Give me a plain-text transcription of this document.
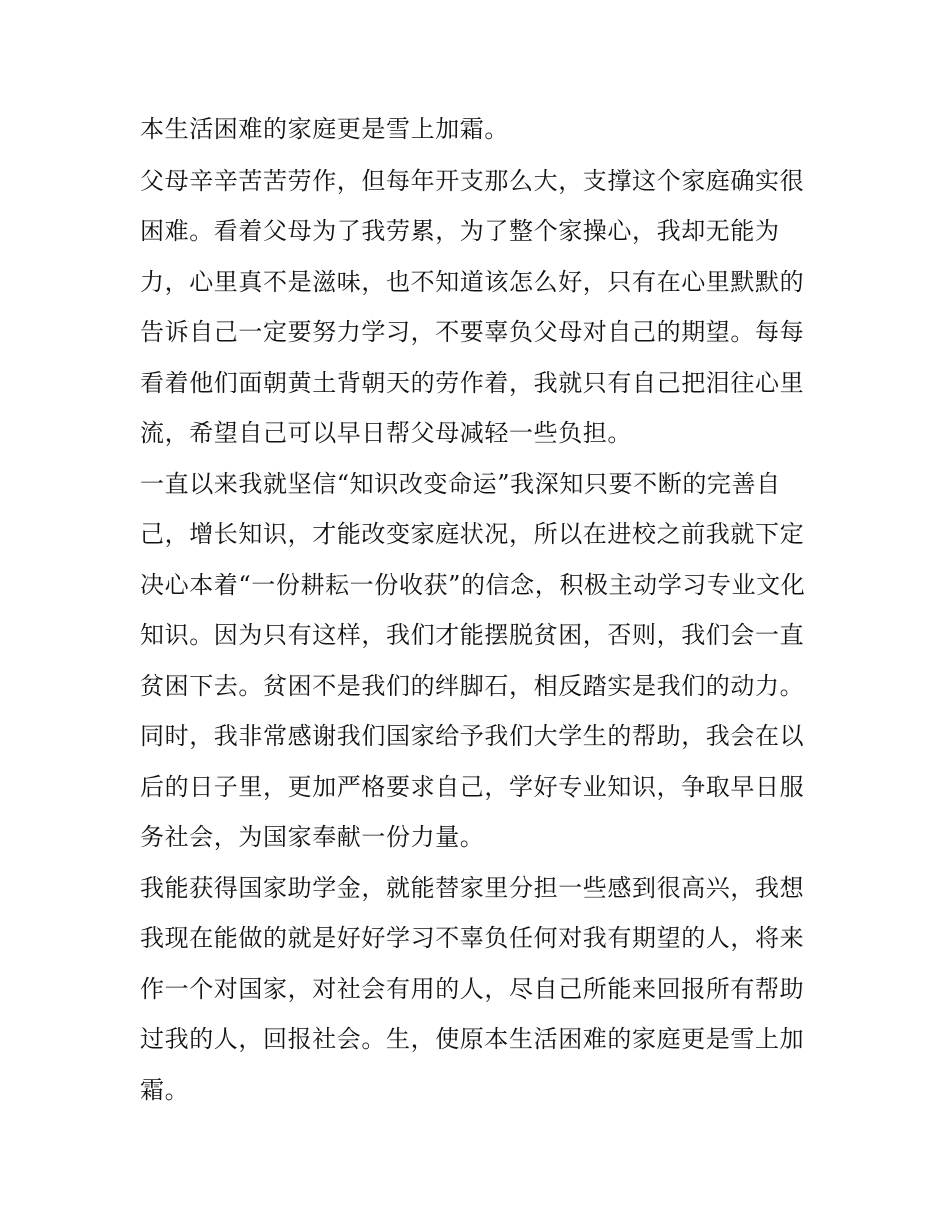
本生活困难的家庭更是雪上加霜。
父母辛辛苦苦劳作，但每年开支那么大，支撑这个家庭确实很
困难。看着父母为了我劳累，为了整个家操心，我却无能为
力，心里真不是滋味，也不知道该怎么好，只有在心里默默的
告诉自己一定要努力学习，不要辜负父母对自己的期望。每每
看着他们面朝黄土背朝天的劳作着，我就只有自己把泪往心里
流，希望自己可以早日帮父母减轻一些负担。
一直以来我就坚信“知识改变命运”我深知只要不断的完善自
己，增长知识，才能改变家庭状况，所以在进校之前我就下定
决心本着“一份耕耘一份收获”的信念，积极主动学习专业文化
知识。因为只有这样，我们才能摆脱贫困，否则，我们会一直
贫困下去。贫困不是我们的绊脚石，相反踏实是我们的动力。
同时，我非常感谢我们国家给予我们大学生的帮助，我会在以
后的日子里，更加严格要求自己，学好专业知识，争取早日服
务社会，为国家奉献一份力量。
我能获得国家助学金，就能替家里分担一些感到很高兴，我想
我现在能做的就是好好学习不辜负任何对我有期望的人，将来
作一个对国家，对社会有用的人，尽自己所能来回报所有帮助
过我的人，回报社会。生，使原本生活困难的家庭更是雪上加
霜。
